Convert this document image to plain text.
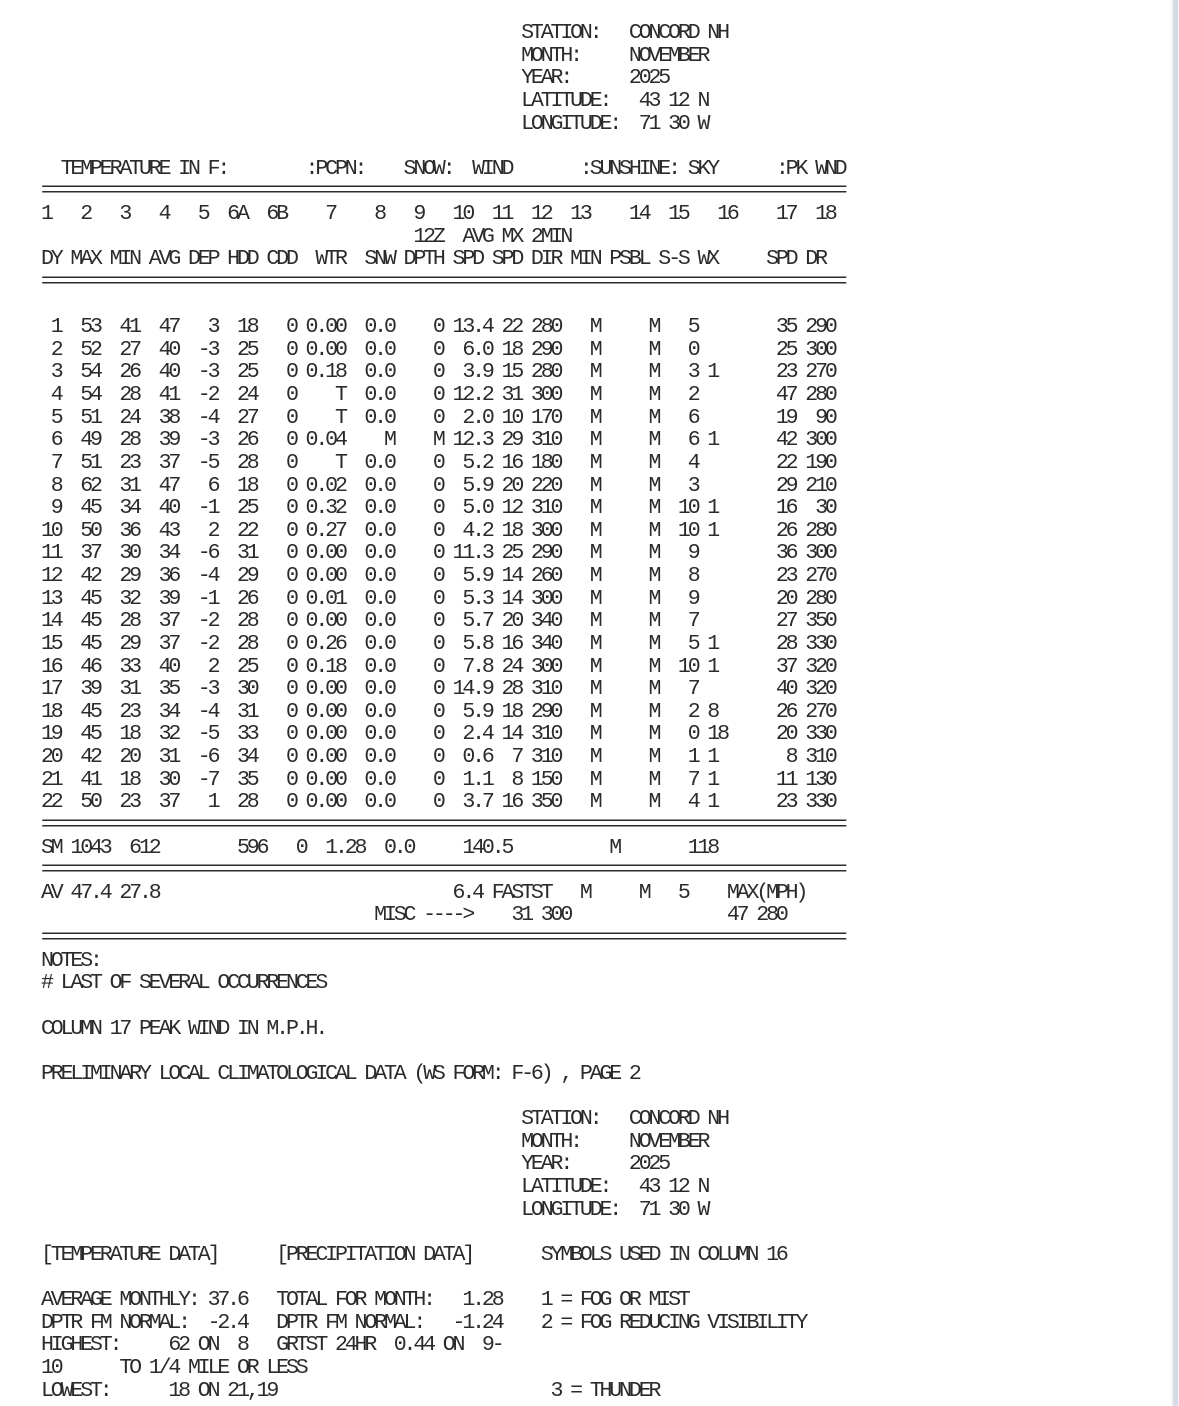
STATION:   CONCORD NH
MONTH:     NOVEMBER
YEAR:      2025
LATITUDE:   43 12 N
LONGITUDE:  71 30 W
TEMPERATURE IN F:        :PCPN:    SNOW:  WIND       :SUNSHINE: SKY      :PK WND
==================================================================================
1   2   3   4   5  6A  6B    7    8   9   10  11  12  13    14  15   16    17  18
12Z  AVG MX 2MIN
DY MAX MIN AVG DEP HDD CDD  WTR  SNW DPTH SPD SPD DIR MIN PSBL S-S WX     SPD DR
==================================================================================
1  53  41  47   3  18   0 0.00  0.0    0 13.4 22 280   M     M   5        35 290
2  52  27  40  -3  25   0 0.00  0.0    0  6.0 18 290   M     M   0        25 300
3  54  26  40  -3  25   0 0.18  0.0    0  3.9 15 280   M     M   3 1      23 270
4  54  28  41  -2  24   0    T  0.0    0 12.2 31 300   M     M   2        47 280
5  51  24  38  -4  27   0    T  0.0    0  2.0 10 170   M     M   6        19  90
6  49  28  39  -3  26   0 0.04    M    M 12.3 29 310   M     M   6 1      42 300
7  51  23  37  -5  28   0    T  0.0    0  5.2 16 180   M     M   4        22 190
8  62  31  47   6  18   0 0.02  0.0    0  5.9 20 220   M     M   3        29 210
9  45  34  40  -1  25   0 0.32  0.0    0  5.0 12 310   M     M  10 1      16  30
10  50  36  43   2  22   0 0.27  0.0    0  4.2 18 300   M     M  10 1      26 280
11  37  30  34  -6  31   0 0.00  0.0    0 11.3 25 290   M     M   9        36 300
12  42  29  36  -4  29   0 0.00  0.0    0  5.9 14 260   M     M   8        23 270
13  45  32  39  -1  26   0 0.01  0.0    0  5.3 14 300   M     M   9        20 280
14  45  28  37  -2  28   0 0.00  0.0    0  5.7 20 340   M     M   7        27 350
15  45  29  37  -2  28   0 0.26  0.0    0  5.8 16 340   M     M   5 1      28 330
16  46  33  40   2  25   0 0.18  0.0    0  7.8 24 300   M     M  10 1      37 320
17  39  31  35  -3  30   0 0.00  0.0    0 14.9 28 310   M     M   7        40 320
18  45  23  34  -4  31   0 0.00  0.0    0  5.9 18 290   M     M   2 8      26 270
19  45  18  32  -5  33   0 0.00  0.0    0  2.4 14 310   M     M   0 18     20 330
20  42  20  31  -6  34   0 0.00  0.0    0  0.6  7 310   M     M   1 1       8 310
21  41  18  30  -7  35   0 0.00  0.0    0  1.1  8 150   M     M   7 1      11 130
22  50  23  37   1  28   0 0.00  0.0    0  3.7 16 350   M     M   4 1      23 330
==================================================================================
SM 1043  612        596   0  1.28  0.0     140.5          M       118
==================================================================================
AV 47.4 27.8                              6.4 FASTST   M     M   5    MAX(MPH)
MISC ---->    31 300                47 280
==================================================================================
NOTES:
# LAST OF SEVERAL OCCURRENCES
COLUMN 17 PEAK WIND IN M.P.H.
PRELIMINARY LOCAL CLIMATOLOGICAL DATA (WS FORM: F-6) , PAGE 2
STATION:   CONCORD NH
MONTH:     NOVEMBER
YEAR:      2025
LATITUDE:   43 12 N
LONGITUDE:  71 30 W
[TEMPERATURE DATA]      [PRECIPITATION DATA]       SYMBOLS USED IN COLUMN 16
AVERAGE MONTHLY: 37.6   TOTAL FOR MONTH:   1.28    1 = FOG OR MIST
DPTR FM NORMAL:  -2.4   DPTR FM NORMAL:   -1.24    2 = FOG REDUCING VISIBILITY
HIGHEST:     62 ON  8   GRTST 24HR  0.44 ON  9-
10      TO 1/4 MILE OR LESS
LOWEST:      18 ON 21,19                            3 = THUNDER
